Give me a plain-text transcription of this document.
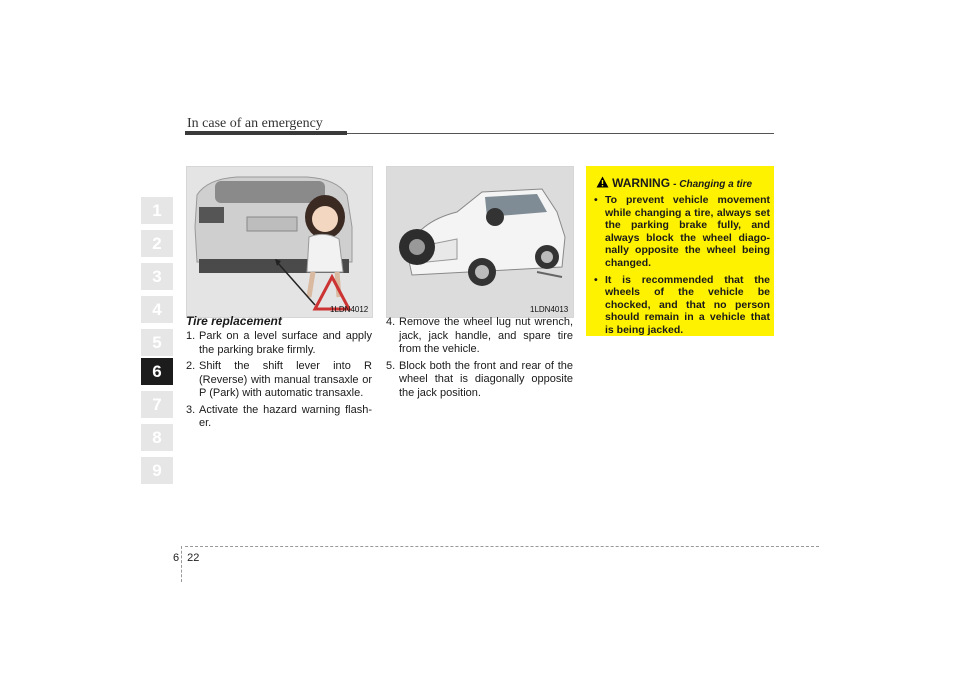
In case of an emergency
1
2
3
4
5
6
7
8
9
1LDN4012	1LDN4013
Tire replacement
1. Park on a level surface and apply the parking brake firmly.
2. Shift the shift lever into R (Reverse) with manual transaxle or P (Park) with automatic transaxle.
3. Activate the hazard warning flash-er.
4. Remove the wheel lug nut wrench, jack, jack handle, and spare tire from the vehicle.
5. Block both the front and rear of the wheel that is diagonally opposite the jack position.
WARNING - Changing a tire
• To prevent vehicle movement while changing a tire, always set the parking brake fully, and always block the wheel diago-nally opposite the wheel being changed.
• It is recommended that the wheels of the vehicle be chocked, and that no person should remain in a vehicle that is being jacked.
6 22
